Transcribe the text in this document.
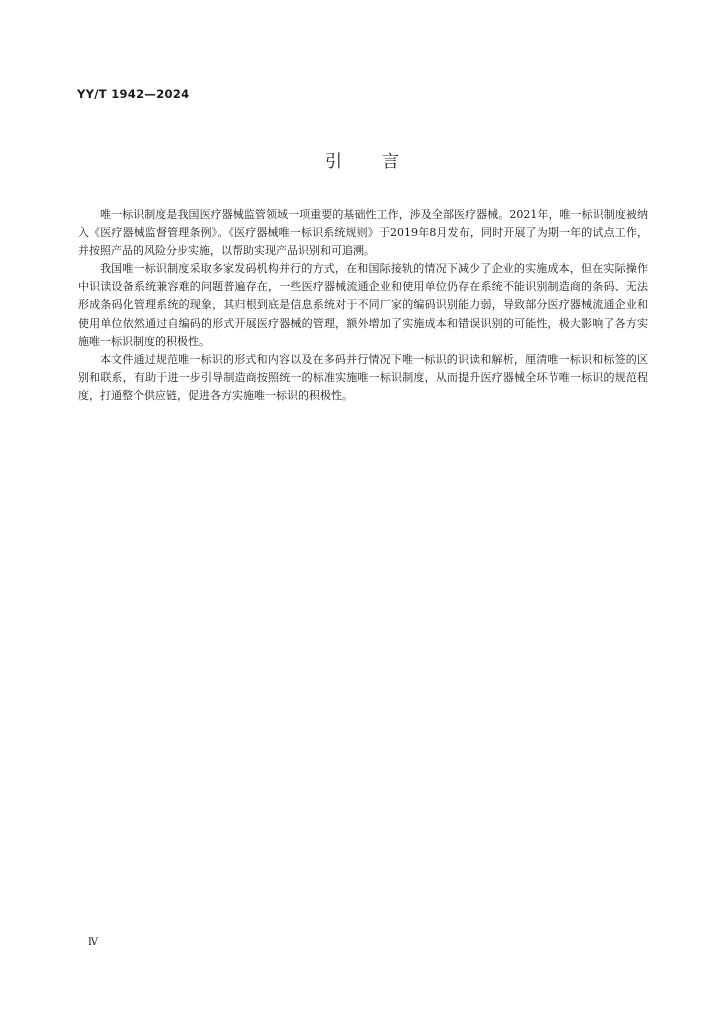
YY/T 1942—2024

引言

唯一标识制度是我国医疗器械监管领域一项重要的基础性工作，涉及全部医疗器械。2021年，唯一标识制度被纳入《医疗器械监督管理条例》。《医疗器械唯一标识系统规则》于2019年8月发布，同时开展了为期一年的试点工作，并按照产品的风险分步实施，以帮助实现产品识别和可追溯。

我国唯一标识制度采取多家发码机构并行的方式，在和国际接轨的情况下减少了企业的实施成本，但在实际操作中识读设备系统兼容难的问题普遍存在，一些医疗器械流通企业和使用单位仍存在系统不能识别制造商的条码、无法形成条码化管理系统的现象，其归根到底是信息系统对于不同厂家的编码识别能力弱，导致部分医疗器械流通企业和使用单位依然通过自编码的形式开展医疗器械的管理，额外增加了实施成本和错误识别的可能性，极大影响了各方实施唯一标识制度的积极性。

本文件通过规范唯一标识的形式和内容以及在多码并行情况下唯一标识的识读和解析，厘清唯一标识和标签的区别和联系，有助于进一步引导制造商按照统一的标准实施唯一标识制度，从而提升医疗器械全环节唯一标识的规范程度，打通整个供应链，促进各方实施唯一标识的积极性。

Ⅳ
